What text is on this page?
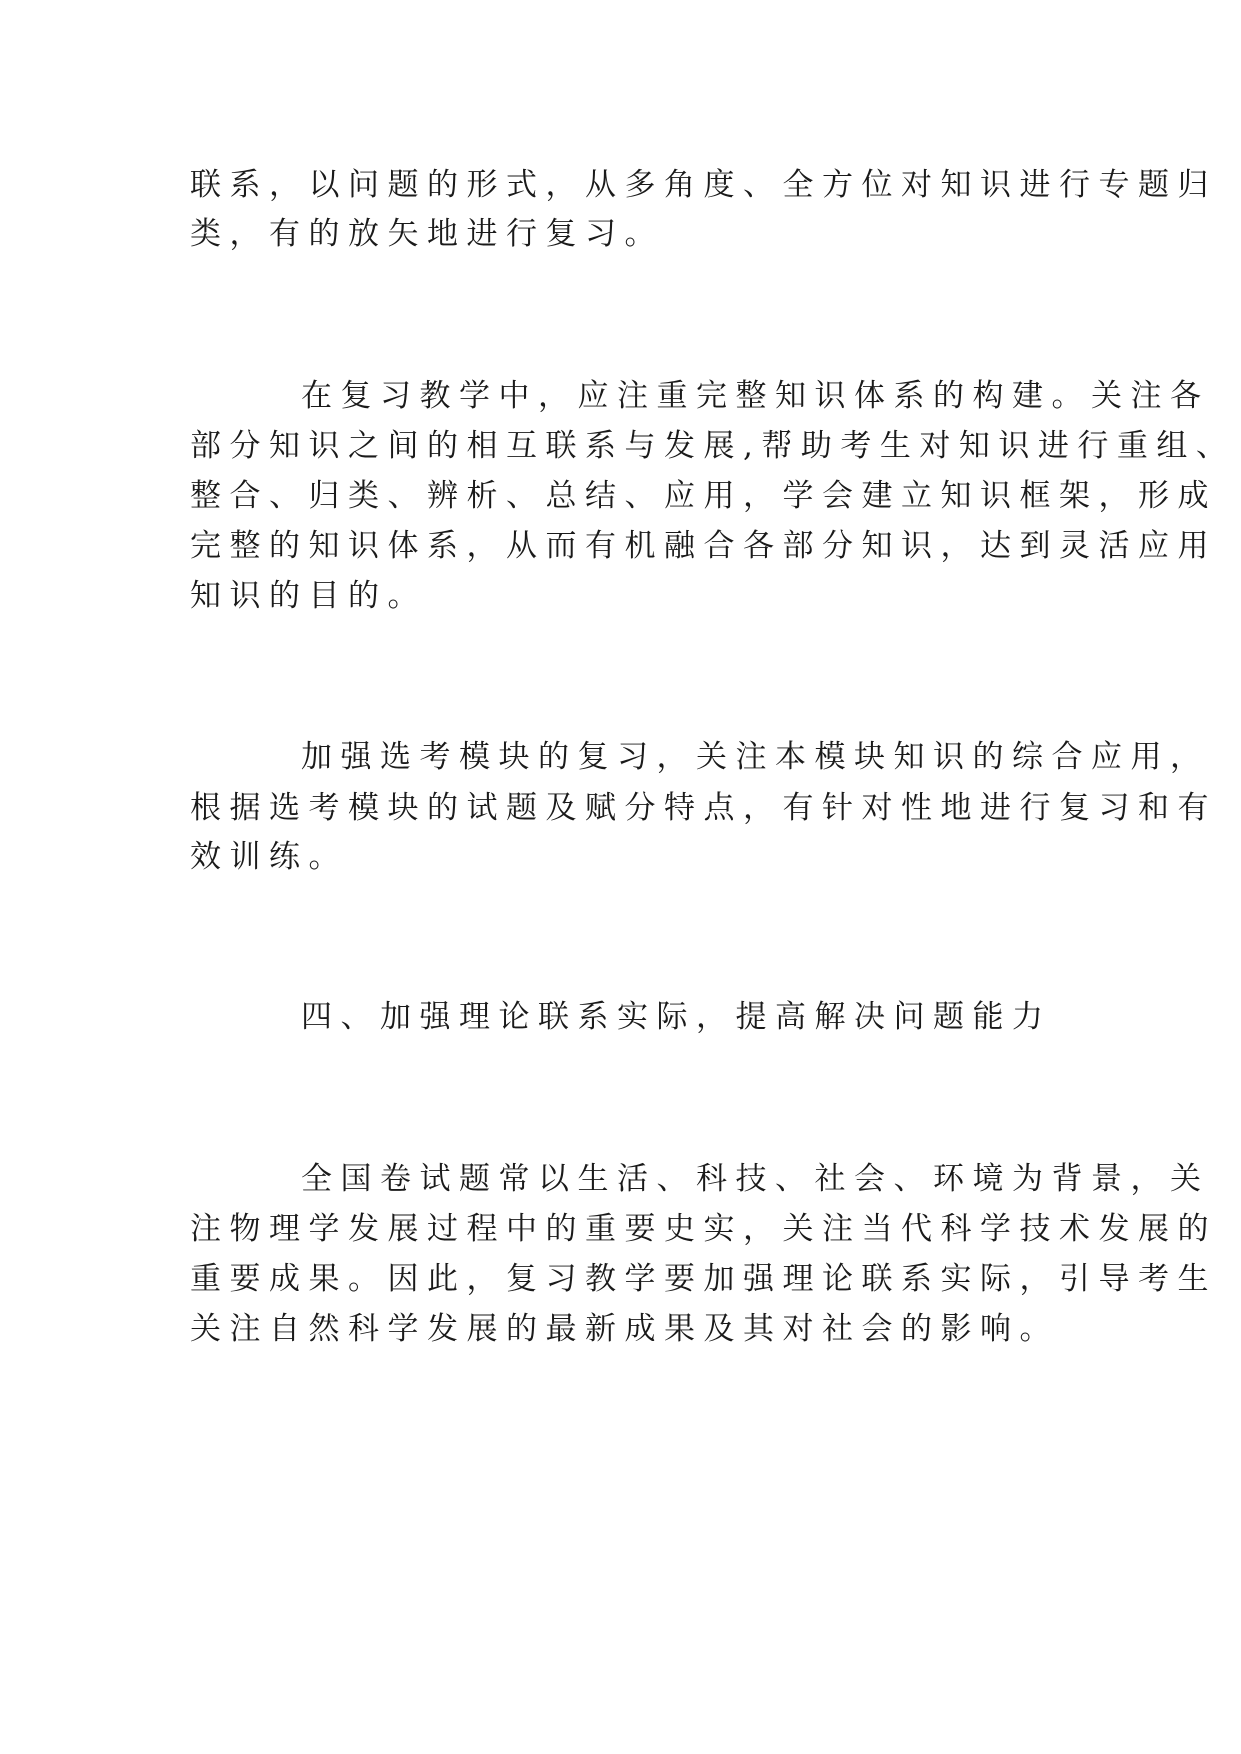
联系，以问题的形式，从多角度、全方位对知识进行专题归

类，有的放矢地进行复习。

在复习教学中，应注重完整知识体系的构建。关注各

部分知识之间的相互联系与发展,帮助考生对知识进行重组、

整合、归类、辨析、总结、应用，学会建立知识框架，形成

完整的知识体系，从而有机融合各部分知识，达到灵活应用

知识的目的。

加强选考模块的复习，关注本模块知识的综合应用，

根据选考模块的试题及赋分特点，有针对性地进行复习和有

效训练。

四、加强理论联系实际，提高解决问题能力

全国卷试题常以生活、科技、社会、环境为背景，关

注物理学发展过程中的重要史实，关注当代科学技术发展的

重要成果。因此，复习教学要加强理论联系实际，引导考生

关注自然科学发展的最新成果及其对社会的影响。
